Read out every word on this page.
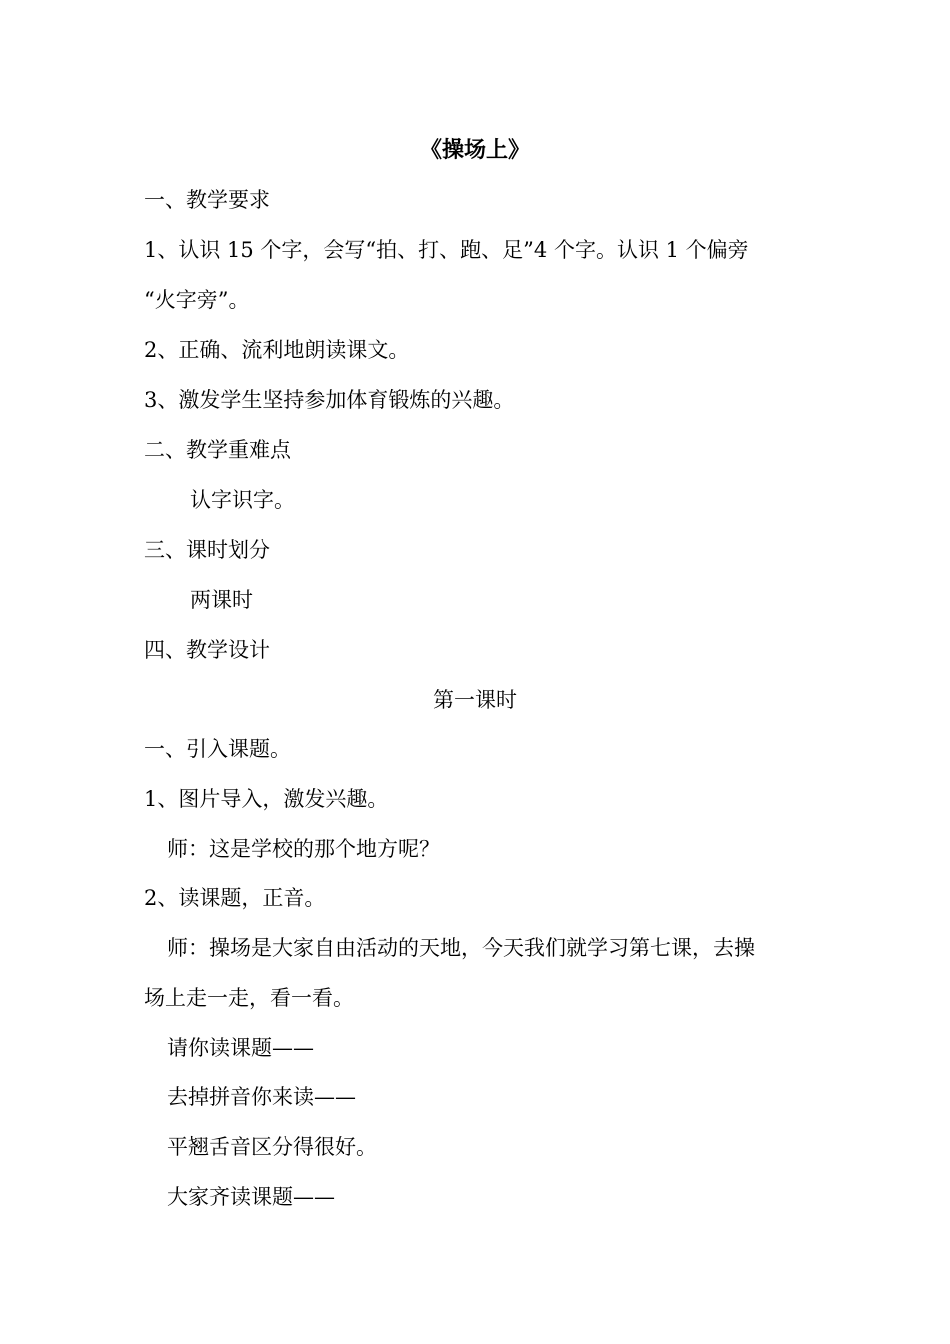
《操场上》
一、教学要求
1、认识 15 个字，会写“拍、打、跑、足”4 个字。认识 1 个偏旁
“火字旁”。
2、正确、流利地朗读课文。
3、激发学生坚持参加体育锻炼的兴趣。
二、教学重难点
认字识字。
三、课时划分
两课时
四、教学设计
第一课时
一、引入课题。
1、图片导入，激发兴趣。
师：这是学校的那个地方呢？
2、读课题，正音。
师：操场是大家自由活动的天地，今天我们就学习第七课，去操
场上走一走，看一看。
请你读课题——
去掉拼音你来读——
平翘舌音区分得很好。
大家齐读课题——
